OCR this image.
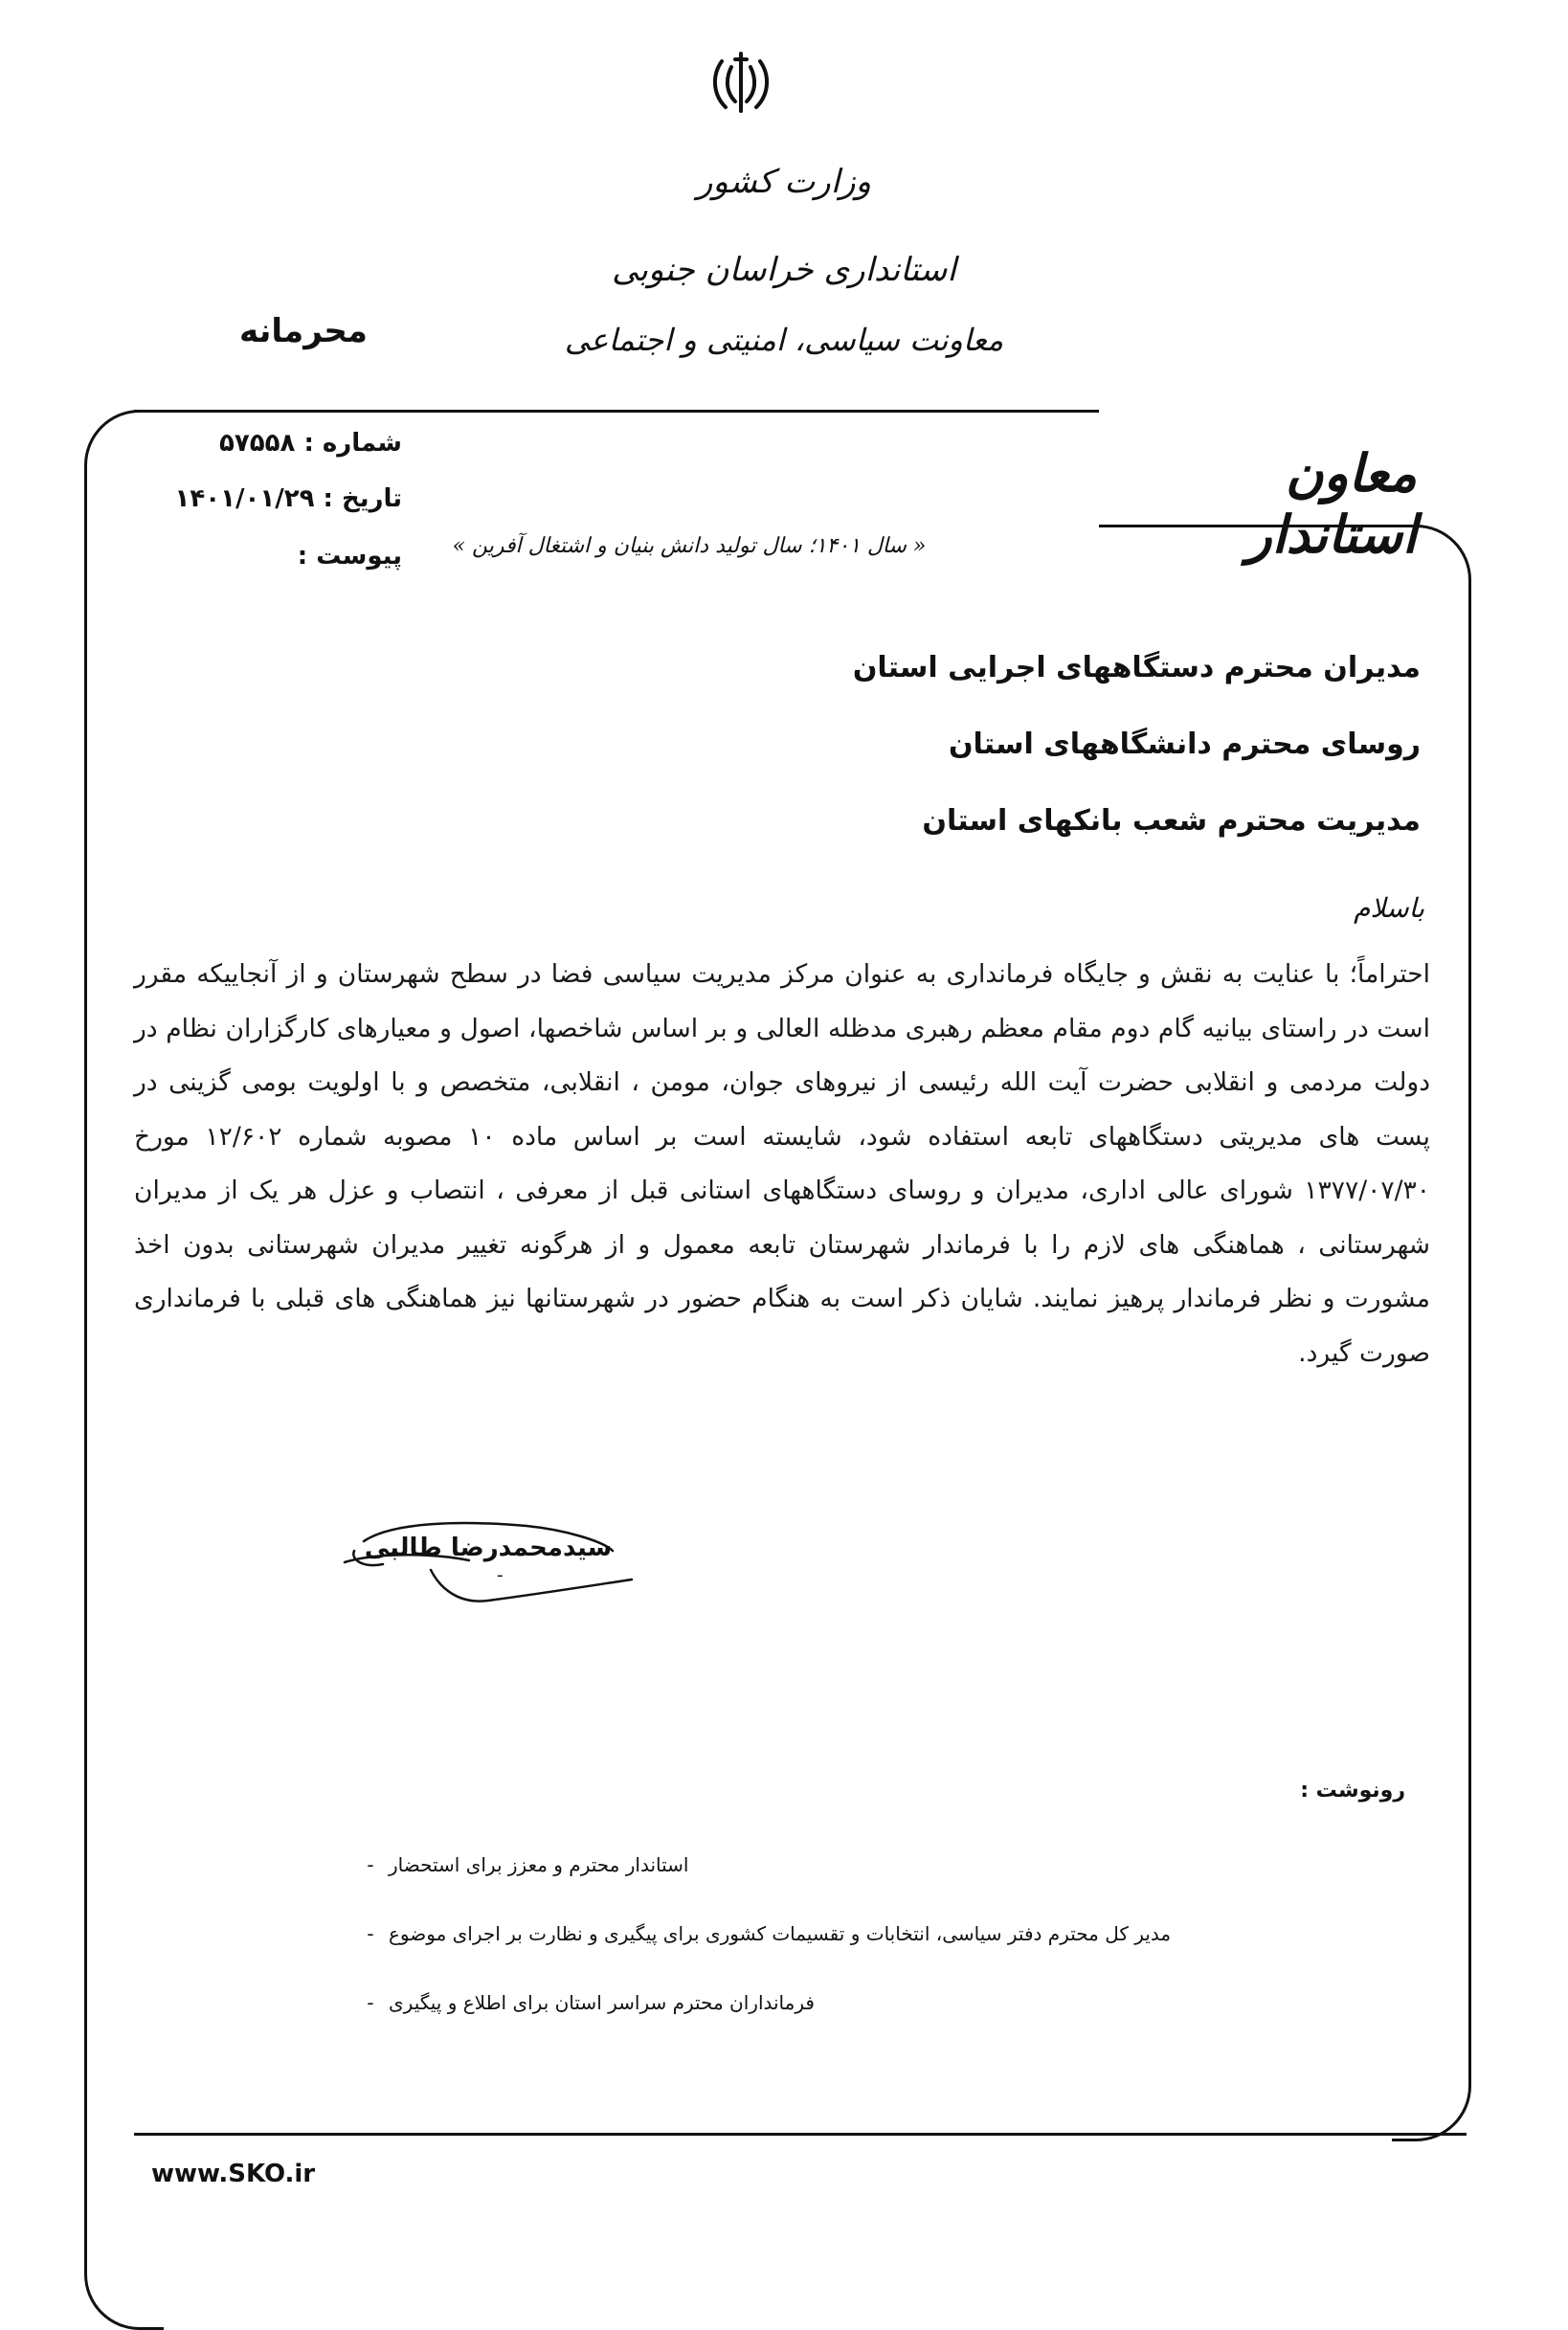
وزارت کشور
استانداری خراسان جنوبی
معاونت سیاسی، امنیتی و اجتماعی
محرمانه
معاون استاندار
شماره : ۵۷۵۵۸
تاریخ : ۱۴۰۱/۰۱/۲۹
پیوست :	« سال ۱۴۰۱؛ سال تولید دانش بنیان و اشتغال آفرین »
مدیران محترم دستگاههای اجرایی استان
روسای محترم دانشگاههای استان
مدیریت محترم شعب بانکهای استان
باسلام
احتراماً؛ با عنایت به نقش و جایگاه فرمانداری به عنوان مرکز مدیریت سیاسی فضا در سطح شهرستان و از آنجاییکه مقرر است در راستای بیانیه گام دوم مقام معظم رهبری مدظله العالی و بر اساس شاخصها، اصول و معیارهای کارگزاران نظام در دولت مردمی و انقلابی حضرت آیت الله رئیسی از نیروهای جوان، مومن ، انقلابی، متخصص و با اولویت بومی گزینی در پست های مدیریتی دستگاههای تابعه استفاده شود، شایسته است بر اساس ماده ۱۰ مصوبه شماره ۱۲/۶۰۲ مورخ ۱۳۷۷/۰۷/۳۰ شورای عالی اداری، مدیران و روسای دستگاههای استانی قبل از معرفی ، انتصاب و عزل هر یک از مدیران شهرستانی ، هماهنگی های لازم را با فرماندار شهرستان تابعه معمول و از هرگونه تغییر مدیران شهرستانی بدون اخذ مشورت و نظر فرماندار پرهیز نمایند. شایان ذکر است به هنگام حضور در شهرستانها نیز هماهنگی های قبلی با فرمانداری صورت گیرد.
سیدمحمدرضا طالبی
ـ
رونوشت :
- استاندار محترم و معزز برای استحضار
- مدیر کل محترم دفتر سیاسی، انتخابات و تقسیمات کشوری برای پیگیری و نظارت بر اجرای موضوع
- فرمانداران محترم سراسر استان برای اطلاع و پیگیری
www.SKO.ir
